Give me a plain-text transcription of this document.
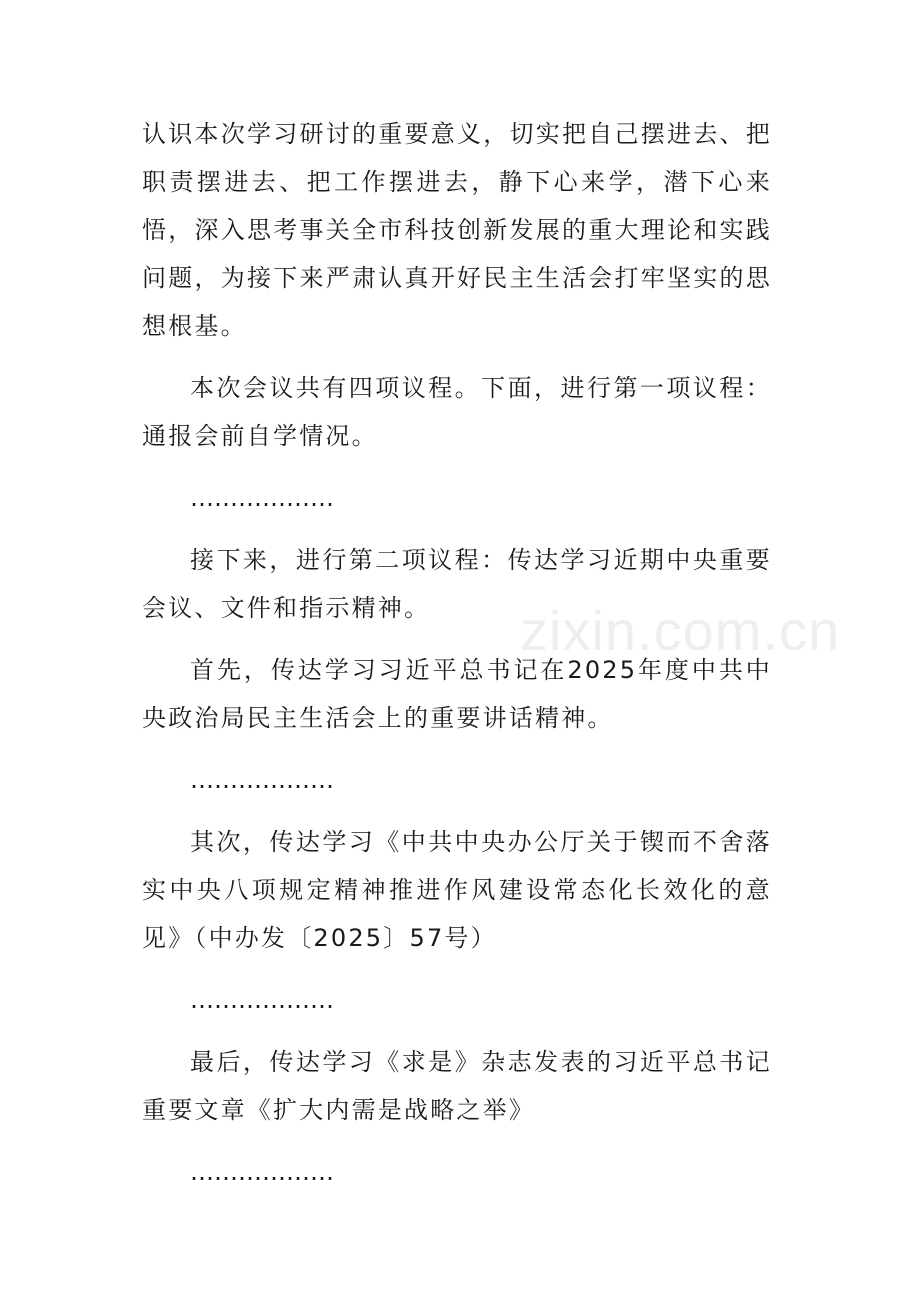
认识本次学习研讨的重要意义，切实把自己摆进去、把职责摆进去、把工作摆进去，静下心来学，潜下心来悟，深入思考事关全市科技创新发展的重大理论和实践问题，为接下来严肃认真开好民主生活会打牢坚实的思想根基。

本次会议共有四项议程。下面，进行第一项议程：通报会前自学情况。

………………

接下来，进行第二项议程：传达学习近期中央重要会议、文件和指示精神。

首先，传达学习习近平总书记在2025年度中共中央政治局民主生活会上的重要讲话精神。

………………

其次，传达学习《中共中央办公厅关于锲而不舍落实中央八项规定精神推进作风建设常态化长效化的意见》（中办发〔2025〕57号）

………………

最后，传达学习《求是》杂志发表的习近平总书记重要文章《扩大内需是战略之举》

………………

zixin.com.cn
